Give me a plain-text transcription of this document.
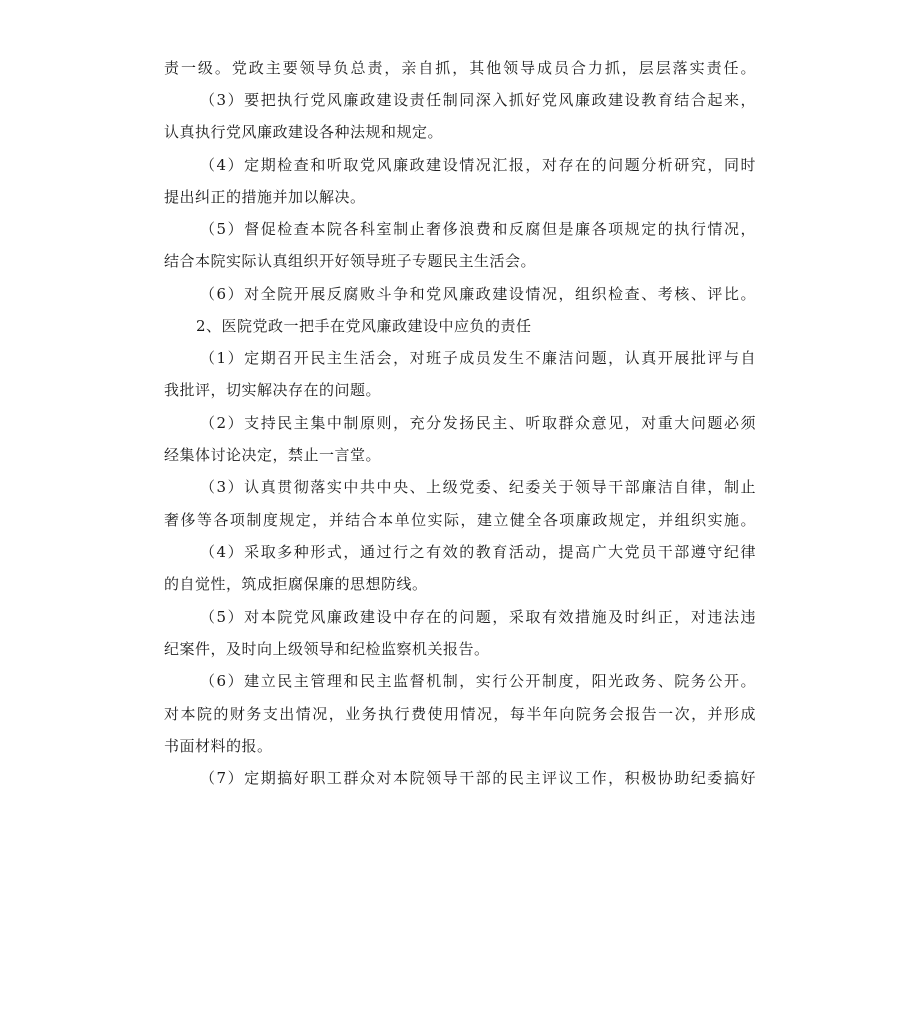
责一级。党政主要领导负总责，亲自抓，其他领导成员合力抓，层层落实责任。
（3）要把执行党风廉政建设责任制同深入抓好党风廉政建设教育结合起来，
认真执行党风廉政建设各种法规和规定。
（4）定期检查和听取党风廉政建设情况汇报，对存在的问题分析研究，同时
提出纠正的措施并加以解决。
（5）督促检查本院各科室制止奢侈浪费和反腐但是廉各项规定的执行情况，
结合本院实际认真组织开好领导班子专题民主生活会。
（6）对全院开展反腐败斗争和党风廉政建设情况，组织检查、考核、评比。
2、医院党政一把手在党风廉政建设中应负的责任
（1）定期召开民主生活会，对班子成员发生不廉洁问题，认真开展批评与自
我批评，切实解决存在的问题。
（2）支持民主集中制原则，充分发扬民主、听取群众意见，对重大问题必须
经集体讨论决定，禁止一言堂。
（3）认真贯彻落实中共中央、上级党委、纪委关于领导干部廉洁自律，制止
奢侈等各项制度规定，并结合本单位实际，建立健全各项廉政规定，并组织实施。
（4）采取多种形式，通过行之有效的教育活动，提高广大党员干部遵守纪律
的自觉性，筑成拒腐保廉的思想防线。
（5）对本院党风廉政建设中存在的问题，采取有效措施及时纠正，对违法违
纪案件，及时向上级领导和纪检监察机关报告。
（6）建立民主管理和民主监督机制，实行公开制度，阳光政务、院务公开。
对本院的财务支出情况，业务执行费使用情况，每半年向院务会报告一次，并形成
书面材料的报。
（7）定期搞好职工群众对本院领导干部的民主评议工作，积极协助纪委搞好
